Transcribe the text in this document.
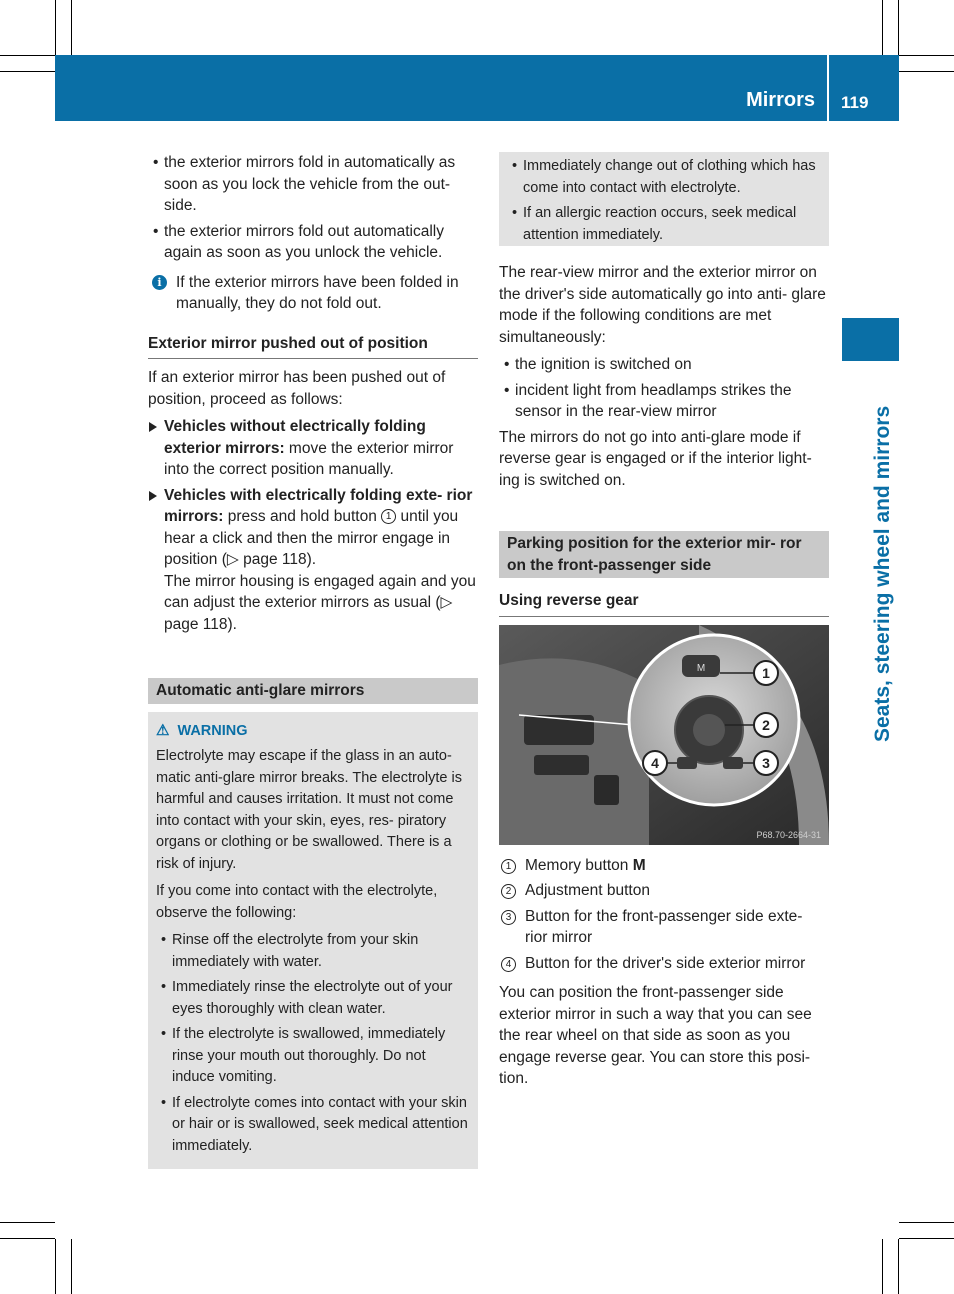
Mirrors 119
Seats, steering wheel and mirrors

• the exterior mirrors fold in automatically as soon as you lock the vehicle from the out- side.

• the exterior mirrors fold out automatically again as soon as you unlock the vehicle.

i If the exterior mirrors have been folded in manually, they do not fold out.
Exterior mirror pushed out of position

If an exterior mirror has been pushed out of position, proceed as follows:

Vehicles without electrically folding exterior mirrors: move the exterior mirror into the correct position manually.
Vehicles with electrically folding exte- rior mirrors: press and hold button 1 until you hear a click and then the mirror engage in position (▷ page 118).
The mirror housing is engaged again and you can adjust the exterior mirrors as usual (▷ page 118).
Automatic anti-glare mirrors
⚠ WARNING

Electrolyte may escape if the glass in an auto- matic anti-glare mirror breaks. The electrolyte is harmful and causes irritation. It must not come into contact with your skin, eyes, res- piratory organs or clothing or be swallowed. There is a risk of injury.

If you come into contact with the electrolyte, observe the following:

• Rinse off the electrolyte from your skin immediately with water.

• Immediately rinse the electrolyte out of your eyes thoroughly with clean water.

• If the electrolyte is swallowed, immediately rinse your mouth out thoroughly. Do not induce vomiting.

• If electrolyte comes into contact with your skin or hair or is swallowed, seek medical attention immediately.

• Immediately change out of clothing which has come into contact with electrolyte.

• If an allergic reaction occurs, seek medical attention immediately.

The rear-view mirror and the exterior mirror on the driver's side automatically go into anti- glare mode if the following conditions are met simultaneously:

• the ignition is switched on

• incident light from headlamps strikes the sensor in the rear-view mirror

The mirrors do not go into anti-glare mode if reverse gear is engaged or if the interior light- ing is switched on.

Parking position for the exterior mir- ror on the front-passenger side
Using reverse gear
M	1
2
3
4
P68.70-2664-31
1 Memory button M
2 Adjustment button
3 Button for the front-passenger side exte- rior mirror
4 Button for the driver's side exterior mirror

You can position the front-passenger side exterior mirror in such a way that you can see the rear wheel on that side as soon as you engage reverse gear. You can store this posi- tion.
